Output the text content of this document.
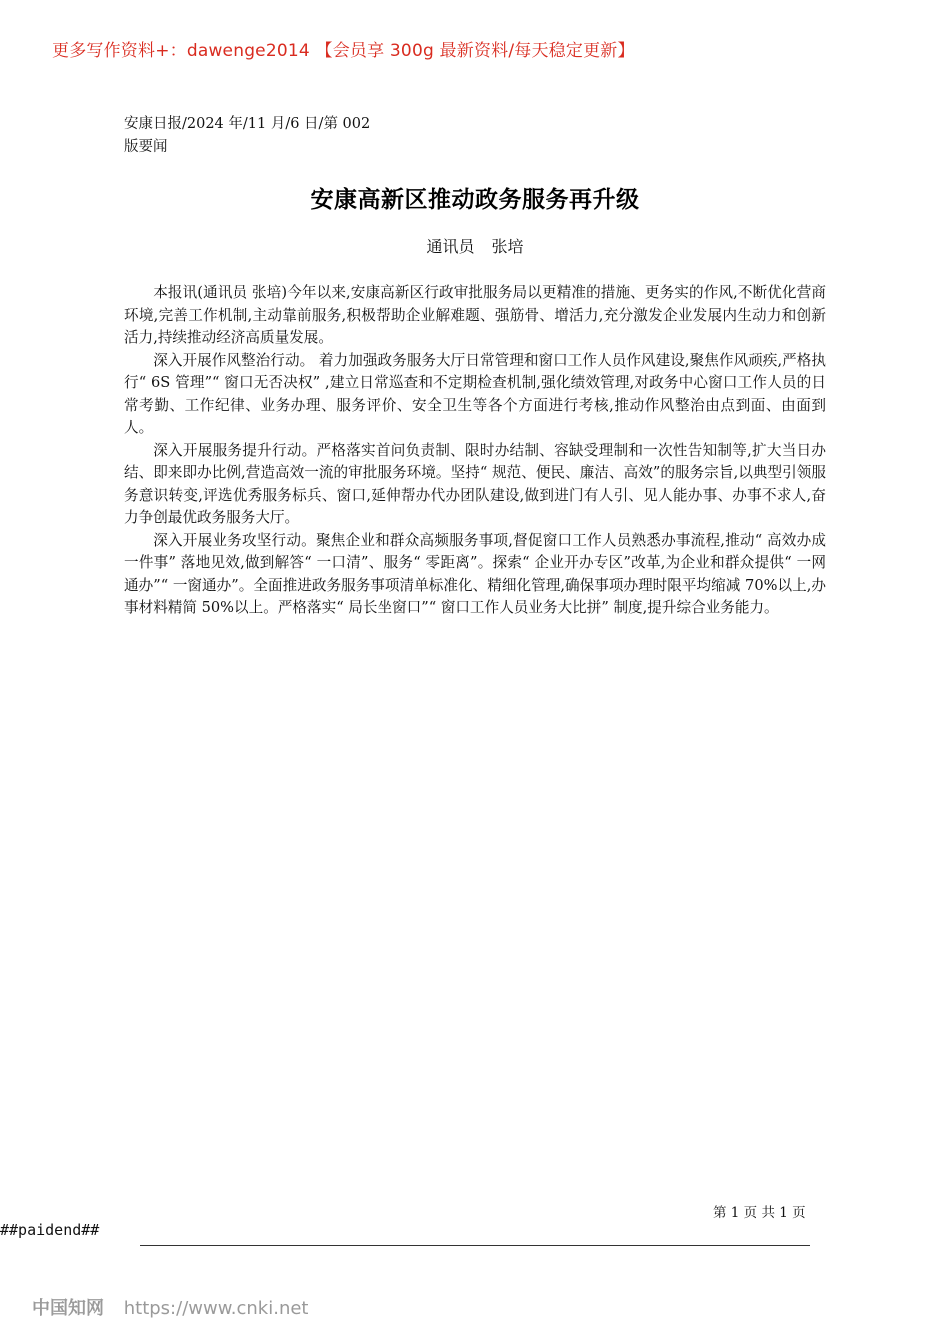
更多写作资料+：dawenge2014 【会员享 300g 最新资料/每天稳定更新】
安康日报/2024 年/11 月/6 日/第 002
版要闻
安康高新区推动政务服务再升级
通讯员 张培

本报讯(通讯员 张培)今年以来,安康高新区行政审批服务局以更精准的措施、更务实的作风,不断优化营商环境,完善工作机制,主动靠前服务,积极帮助企业解难题、强筋骨、增活力,充分激发企业发展内生动力和创新活力,持续推动经济高质量发展。

深入开展作风整治行动。 着力加强政务服务大厅日常管理和窗口工作人员作风建设,聚焦作风顽疾,严格执行“ 6S 管理”“ 窗口无否决权” ,建立日常巡查和不定期检查机制,强化绩效管理,对政务中心窗口工作人员的日常考勤、工作纪律、业务办理、服务评价、安全卫生等各个方面进行考核,推动作风整治由点到面、由面到人。

深入开展服务提升行动。严格落实首问负责制、限时办结制、容缺受理制和一次性告知制等,扩大当日办结、即来即办比例,营造高效一流的审批服务环境。坚持“ 规范、便民、廉洁、高效”的服务宗旨,以典型引领服务意识转变,评选优秀服务标兵、窗口,延伸帮办代办团队建设,做到进门有人引、见人能办事、办事不求人,奋力争创最优政务服务大厅。

深入开展业务攻坚行动。聚焦企业和群众高频服务事项,督促窗口工作人员熟悉办事流程,推动“ 高效办成一件事” 落地见效,做到解答“ 一口清”、服务“ 零距离”。探索“ 企业开办专区”改革,为企业和群众提供“ 一网通办”“ 一窗通办”。全面推进政务服务事项清单标准化、精细化管理,确保事项办理时限平均缩减 70%以上,办事材料精简 50%以上。严格落实“ 局长坐窗口”“ 窗口工作人员业务大比拼” 制度,提升综合业务能力。

第 1 页 共 1 页
##paidend##
中国知网 https://www.cnki.net
